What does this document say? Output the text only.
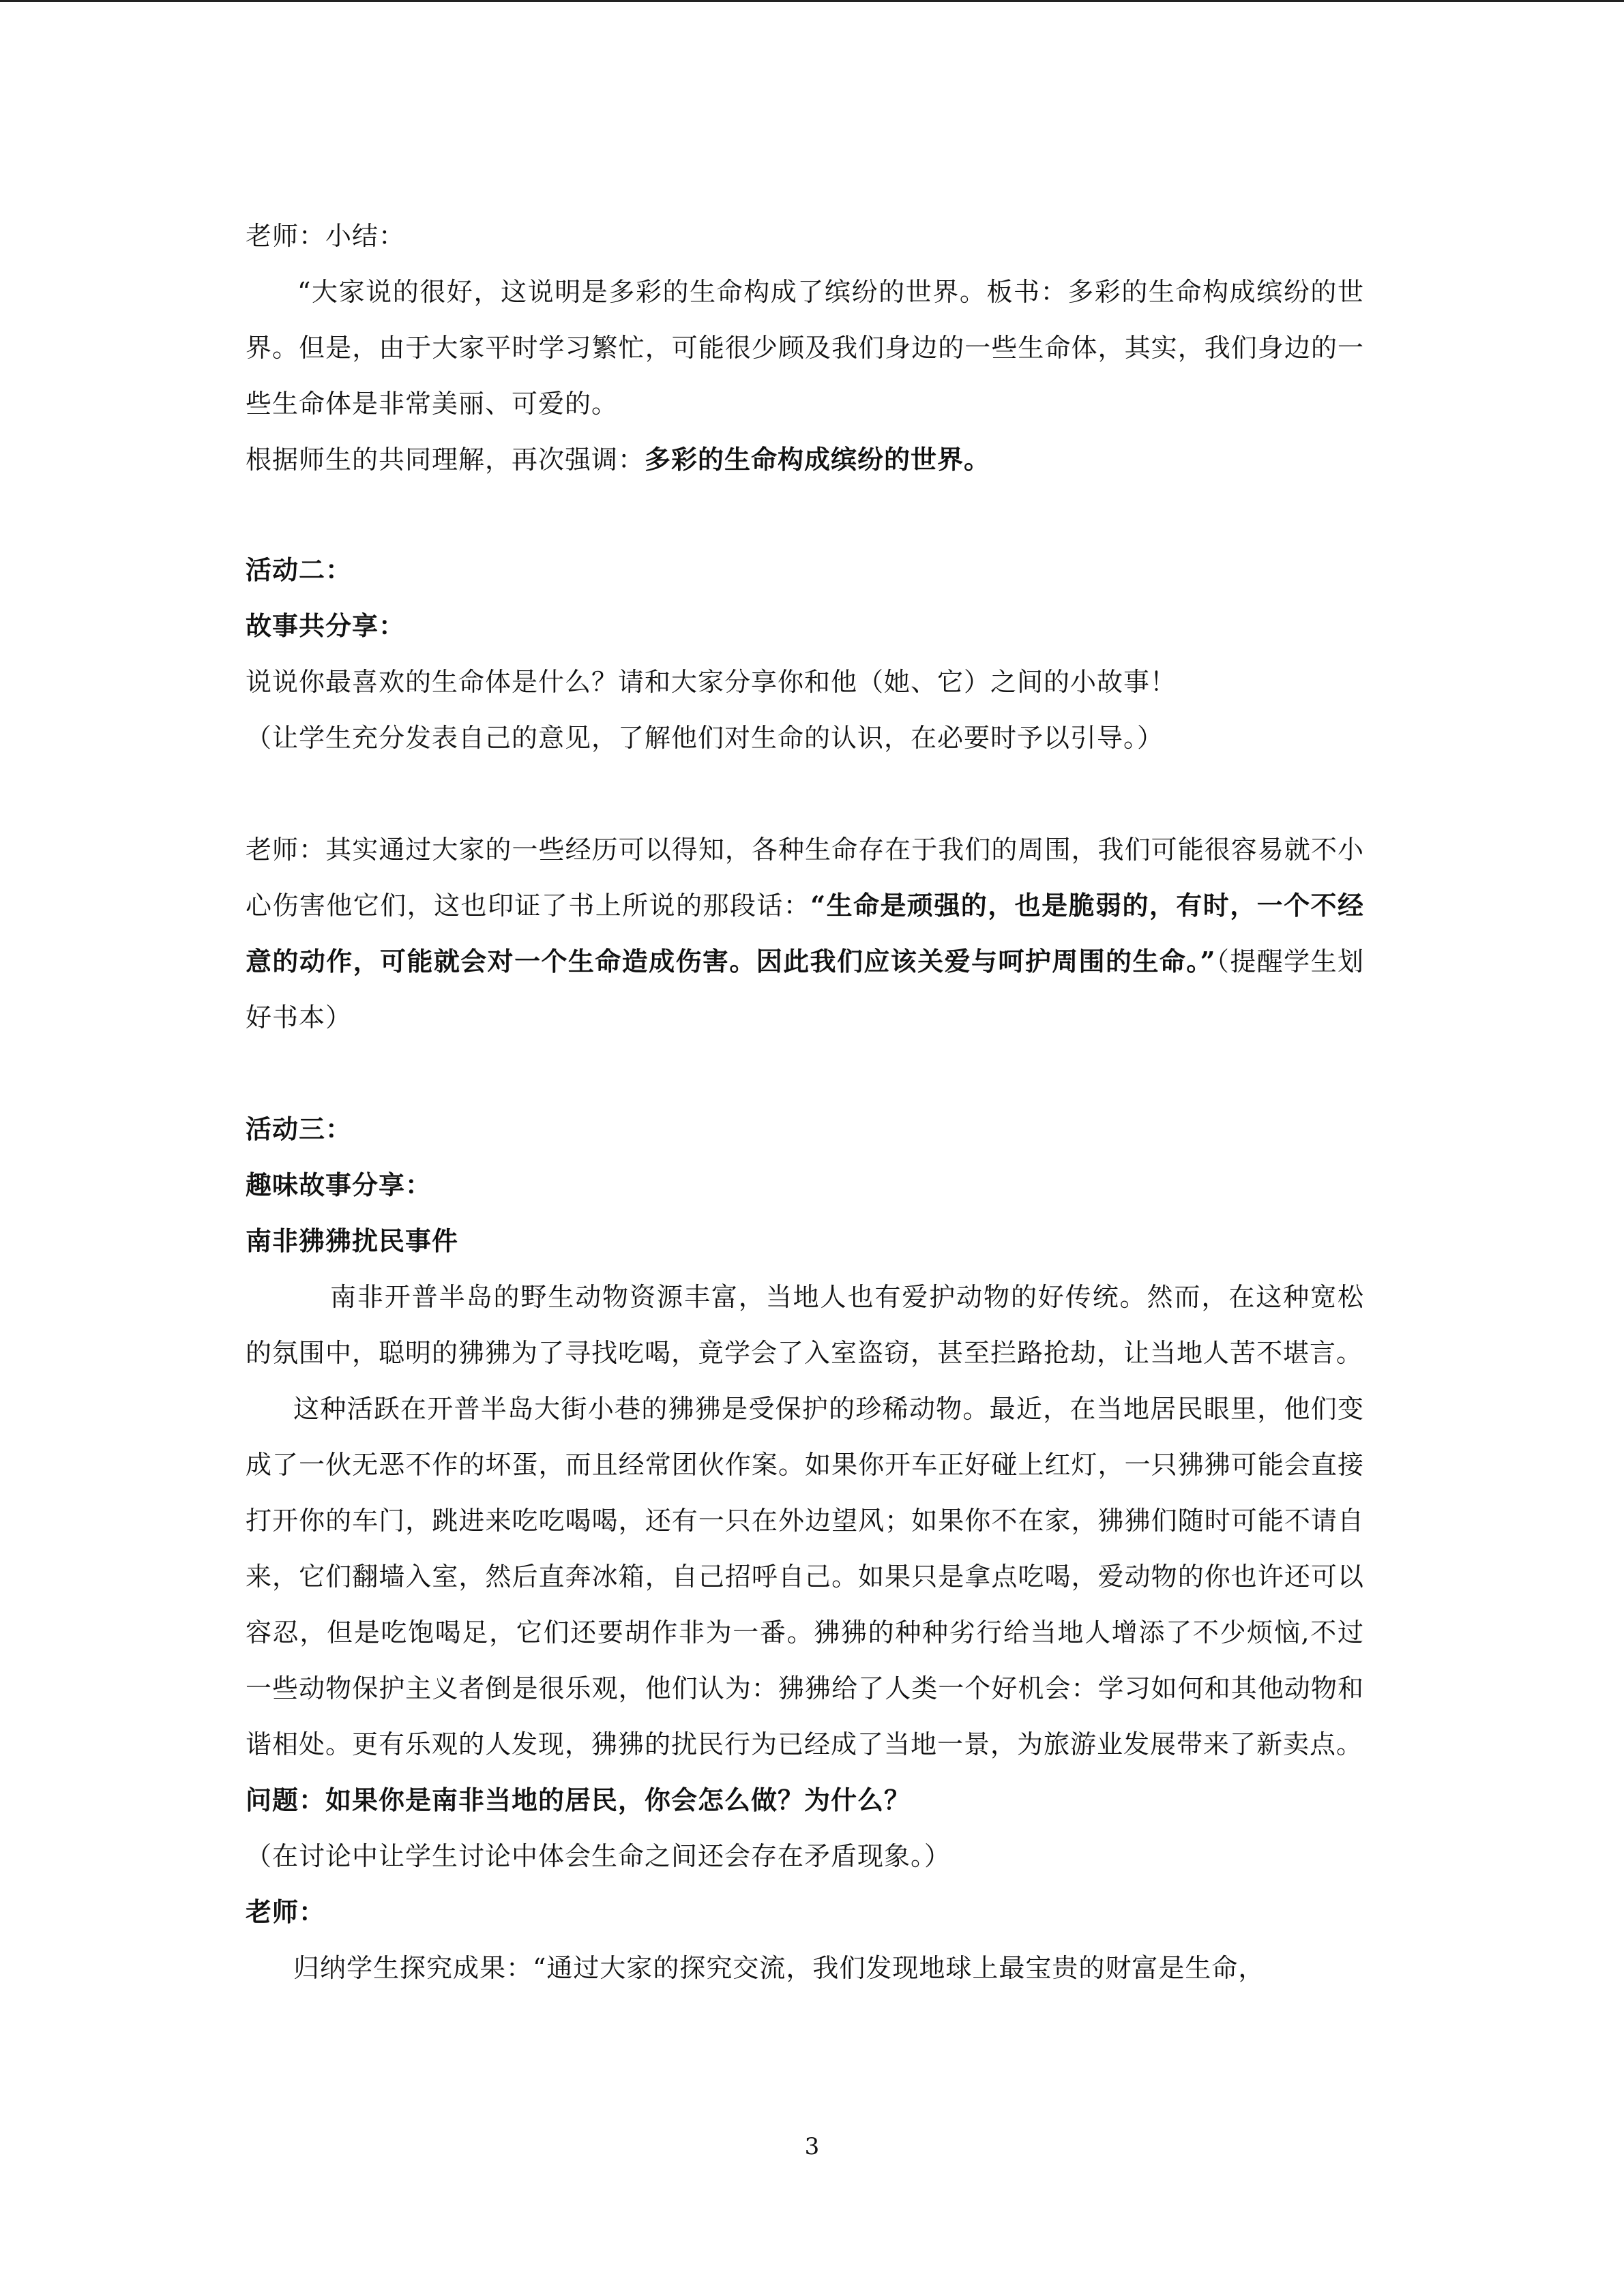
老师：小结：
“大家说的很好，这说明是多彩的生命构成了缤纷的世界。板书：多彩的生命构成缤纷的世界。但是，由于大家平时学习繁忙，可能很少顾及我们身边的一些生命体，其实，我们身边的一些生命体是非常美丽、可爱的。
根据师生的共同理解，再次强调：多彩的生命构成缤纷的世界。
活动二：
故事共分享：
说说你最喜欢的生命体是什么？请和大家分享你和他（她、它）之间的小故事！
（让学生充分发表自己的意见，了解他们对生命的认识，在必要时予以引导。）
老师：其实通过大家的一些经历可以得知，各种生命存在于我们的周围，我们可能很容易就不小心伤害他它们，这也印证了书上所说的那段话：“生命是顽强的，也是脆弱的，有时，一个不经意的动作，可能就会对一个生命造成伤害。因此我们应该关爱与呵护周围的生命。”（提醒学生划好书本）
活动三：
趣味故事分享：
南非狒狒扰民事件
南非开普半岛的野生动物资源丰富，当地人也有爱护动物的好传统。然而，在这种宽松的氛围中，聪明的狒狒为了寻找吃喝，竟学会了入室盗窃，甚至拦路抢劫，让当地人苦不堪言。
这种活跃在开普半岛大街小巷的狒狒是受保护的珍稀动物。最近，在当地居民眼里，他们变成了一伙无恶不作的坏蛋，而且经常团伙作案。如果你开车正好碰上红灯，一只狒狒可能会直接打开你的车门，跳进来吃吃喝喝，还有一只在外边望风；如果你不在家，狒狒们随时可能不请自来，它们翻墙入室，然后直奔冰箱，自己招呼自己。如果只是拿点吃喝，爱动物的你也许还可以容忍，但是吃饱喝足，它们还要胡作非为一番。狒狒的种种劣行给当地人增添了不少烦恼,不过一些动物保护主义者倒是很乐观，他们认为：狒狒给了人类一个好机会：学习如何和其他动物和谐相处。更有乐观的人发现，狒狒的扰民行为已经成了当地一景，为旅游业发展带来了新卖点。
问题：如果你是南非当地的居民，你会怎么做？为什么？
（在讨论中让学生讨论中体会生命之间还会存在矛盾现象。）
老师：
归纳学生探究成果：“通过大家的探究交流，我们发现地球上最宝贵的财富是生命，
3
